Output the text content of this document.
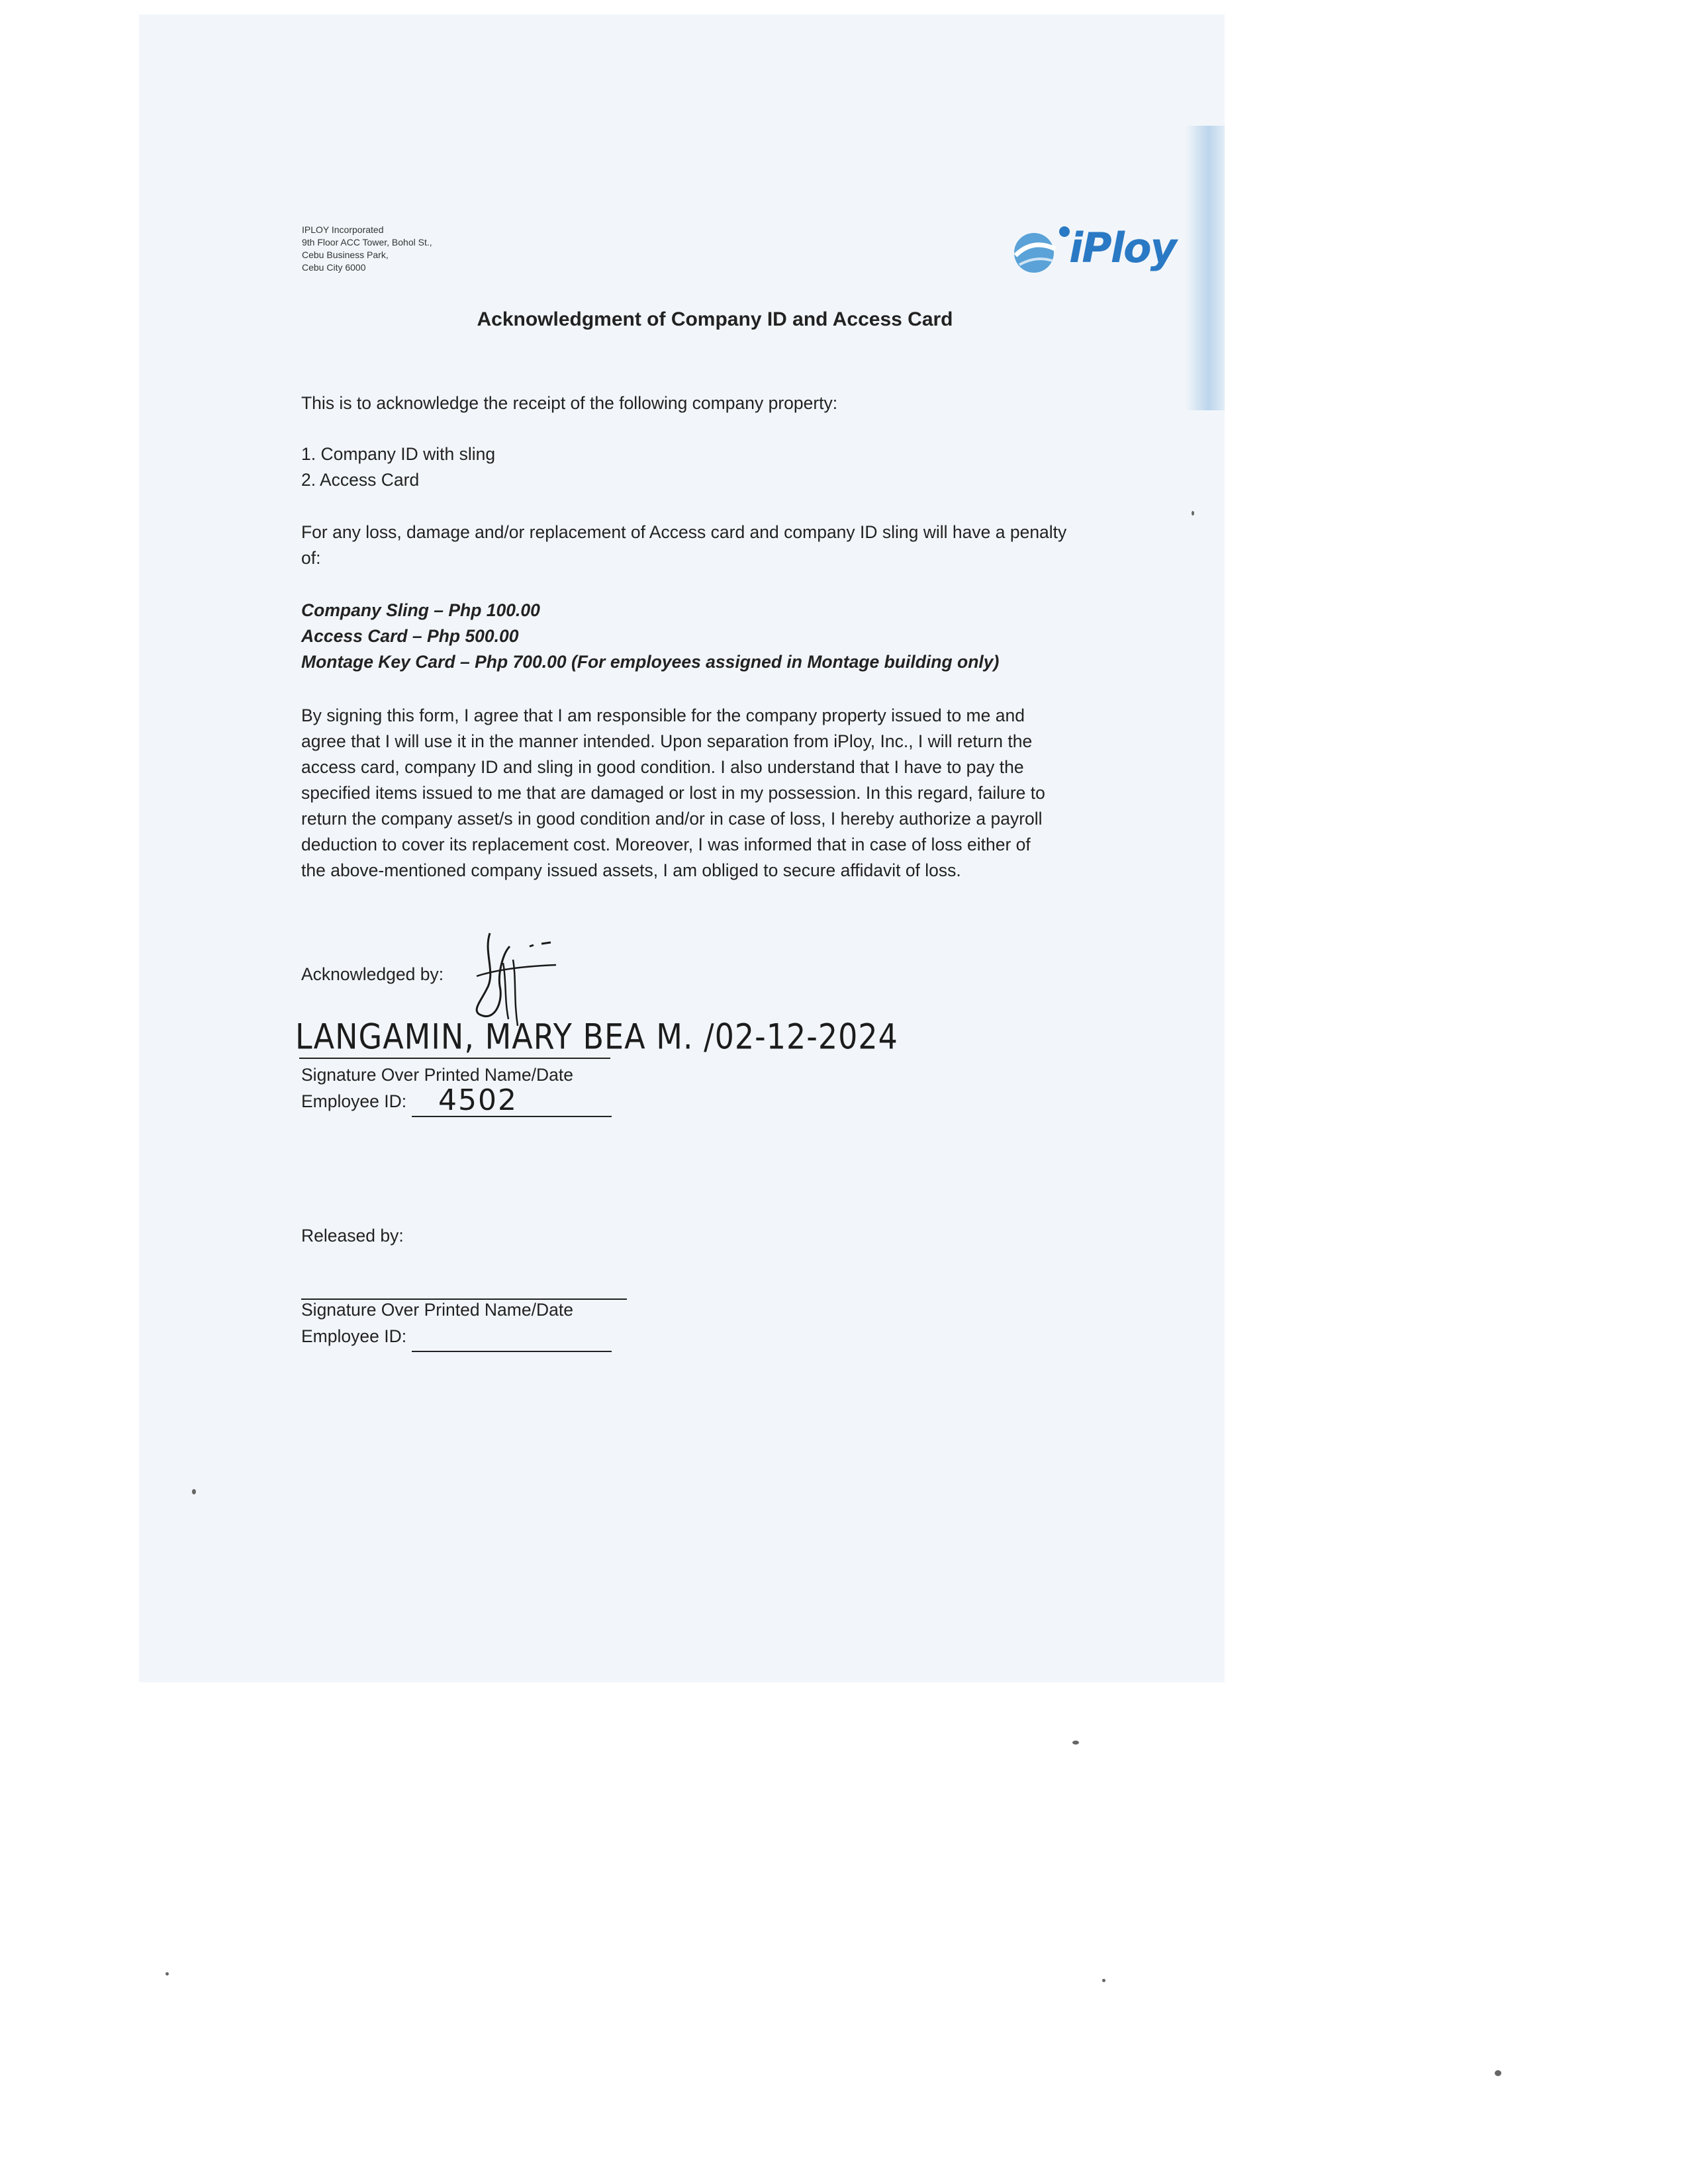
IPLOY Incorporated
9th Floor ACC Tower, Bohol St.,
Cebu Business Park,
Cebu City 6000	iPloy
Acknowledgment of Company ID and Access Card
This is to acknowledge the receipt of the following company property:
1. Company ID with sling
2. Access Card
For any loss, damage and/or replacement of Access card and company ID sling will have a penalty
of:
Company Sling – Php 100.00
Access Card – Php 500.00
Montage Key Card – Php 700.00 (For employees assigned in Montage building only)
By signing this form, I agree that I am responsible for the company property issued to me and
agree that I will use it in the manner intended. Upon separation from iPloy, Inc., I will return the
access card, company ID and sling in good condition. I also understand that I have to pay the
specified items issued to me that are damaged or lost in my possession. In this regard, failure to
return the company asset/s in good condition and/or in case of loss, I hereby authorize a payroll
deduction to cover its replacement cost. Moreover, I was informed that in case of loss either of
the above-mentioned company issued assets, I am obliged to secure affidavit of loss.
Acknowledged by:
LANGAMIN, MARY BEA M. /02-12-2024
Signature Over Printed Name/Date
Employee ID: 4502
Released by:
Signature Over Printed Name/Date
Employee ID:
